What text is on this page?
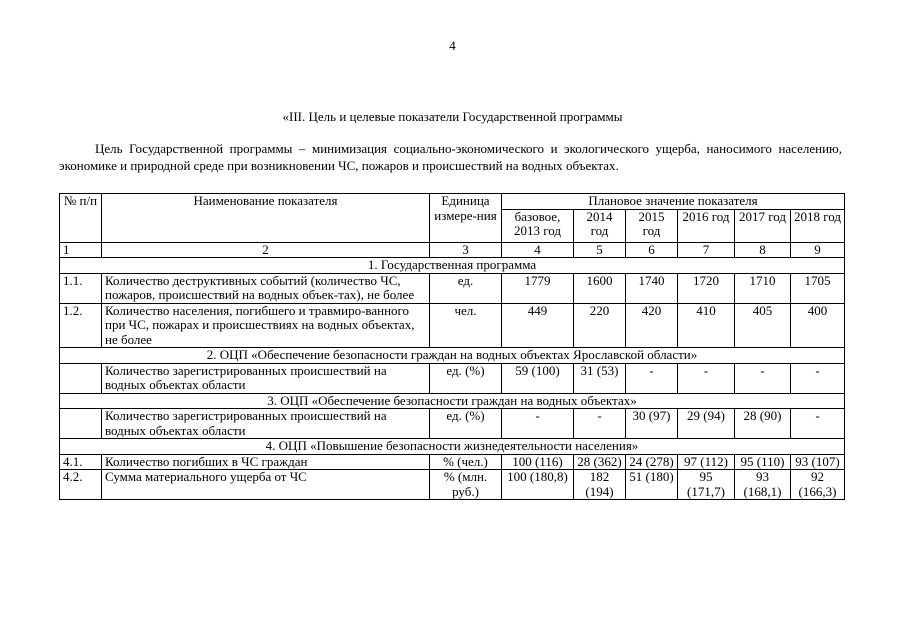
4
«III. Цель и целевые показатели Государственной программы

Цель Государственной программы – минимизация социально-экономического и экологического ущерба, наносимого населению, экономике и природной среде при возникновении ЧС, пожаров и происшествий на водных объектах.

№ п/п	Наименование показателя	Единица измере-ния	Плановое значение показателя					
			базовое, 2013 год	2014 год	2015 год	2016 год	2017 год	2018 год
1	2	3	4	5	6	7	8	9
1. Государственная программа								
1.1.	Количество деструктивных событий (количество ЧС, пожаров, происшествий на водных объек-тах), не более	ед.	1779	1600	1740	1720	1710	1705
1.2.	Количество населения, погибшего и травмиро-ванного при ЧС, пожарах и происшествиях на водных объектах, не более	чел.	449	220	420	410	405	400
2. ОЦП «Обеспечение безопасности граждан на водных объектах Ярославской области»								
	Количество зарегистрированных происшествий на водных объектах области	ед. (%)	59 (100)	31 (53)	-	-	-	-
3. ОЦП «Обеспечение безопасности граждан на водных объектах»								
	Количество зарегистрированных происшествий на водных объектах области	ед. (%)	-	-	30 (97)	29 (94)	28 (90)	-
4. ОЦП «Повышение безопасности жизнедеятельности населения»								
4.1.	Количество погибших в ЧС граждан	% (чел.)	100 (116)	28 (362)	24 (278)	97 (112)	95 (110)	93 (107)
4.2.	Сумма материального ущерба от ЧС	% (млн. руб.)	100 (180,8)	182 (194)	51 (180)	95 (171,7)	93 (168,1)	92 (166,3)
